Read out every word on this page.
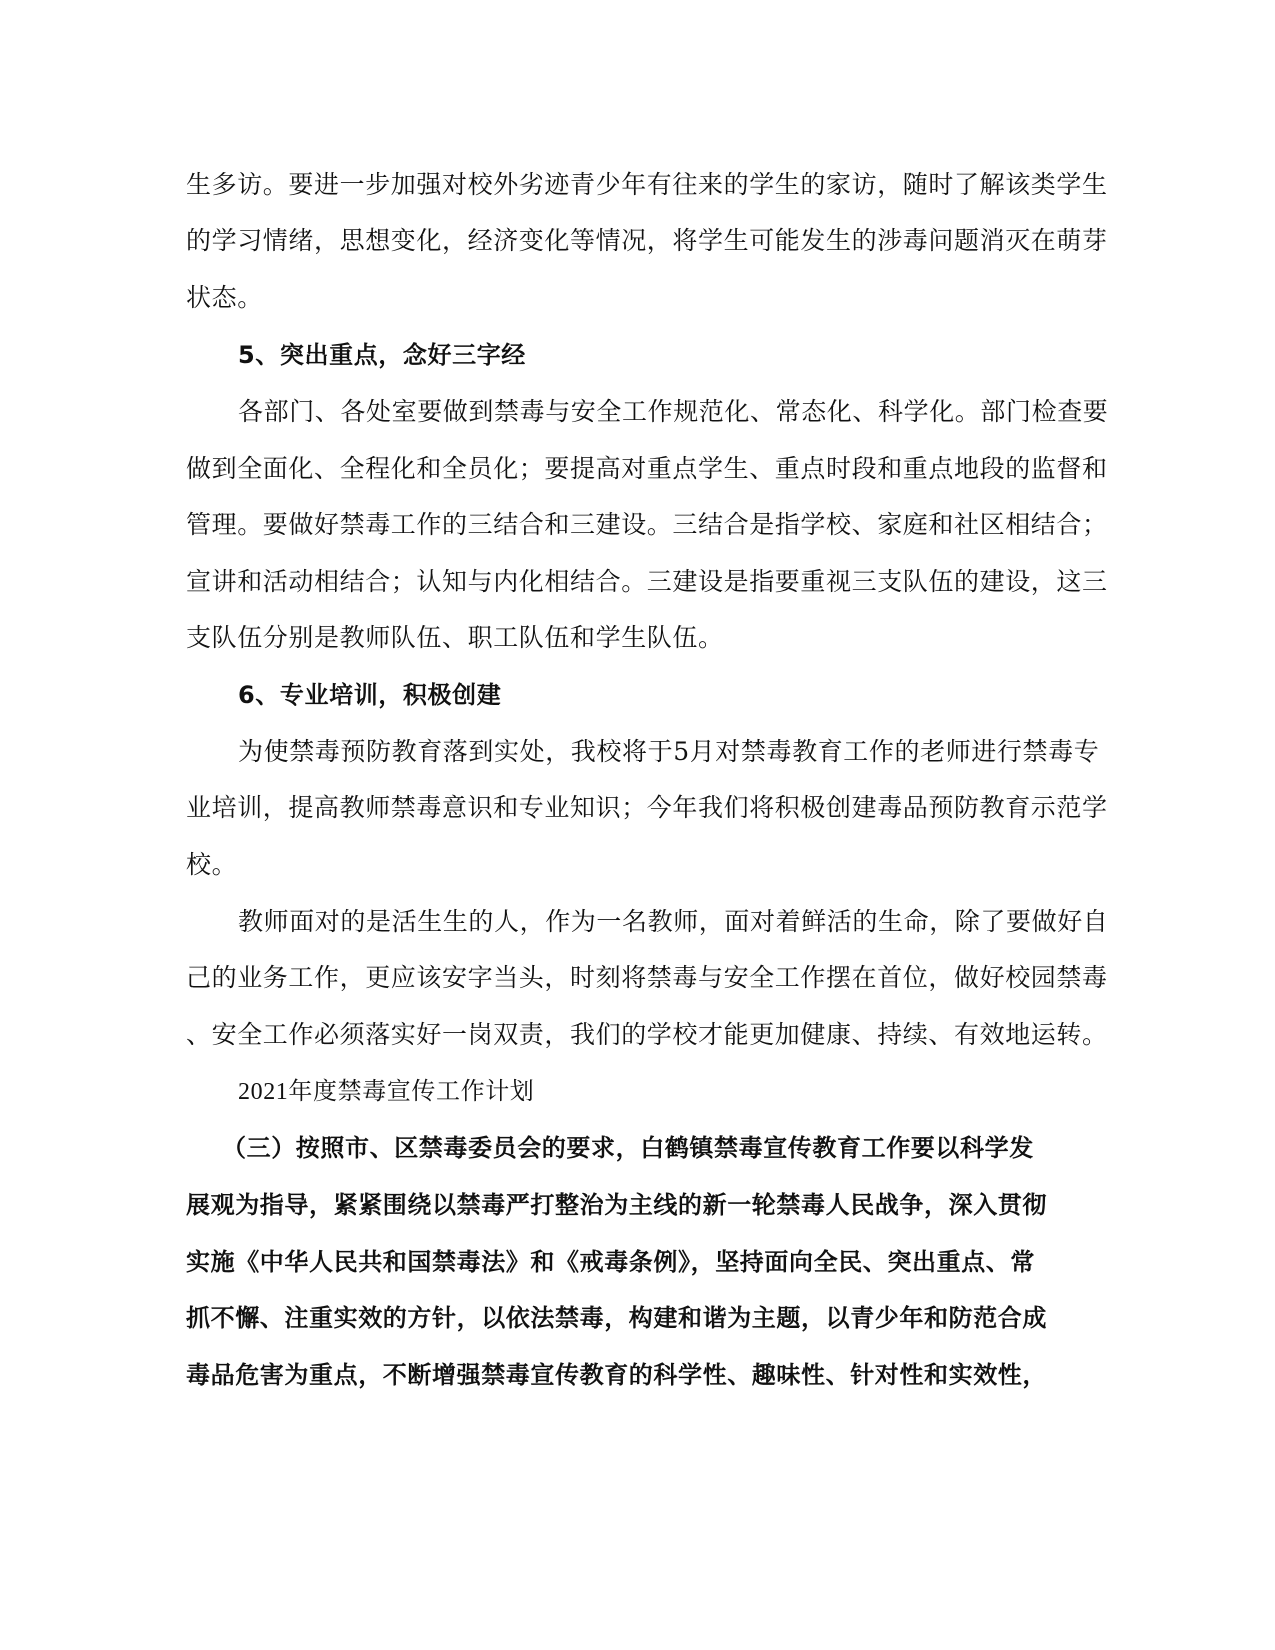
生多访。要进一步加强对校外劣迹青少年有往来的学生的家访，随时了解该类学生
的学习情绪，思想变化，经济变化等情况，将学生可能发生的涉毒问题消灭在萌芽
状态。
5、突出重点，念好三字经
各部门、各处室要做到禁毒与安全工作规范化、常态化、科学化。部门检查要
做到全面化、全程化和全员化；要提高对重点学生、重点时段和重点地段的监督和
管理。要做好禁毒工作的三结合和三建设。三结合是指学校、家庭和社区相结合；
宣讲和活动相结合；认知与内化相结合。三建设是指要重视三支队伍的建设，这三
支队伍分别是教师队伍、职工队伍和学生队伍。
6、专业培训，积极创建
为使禁毒预防教育落到实处，我校将于5月对禁毒教育工作的老师进行禁毒专
业培训，提高教师禁毒意识和专业知识；今年我们将积极创建毒品预防教育示范学
校。
教师面对的是活生生的人，作为一名教师，面对着鲜活的生命，除了要做好自
己的业务工作，更应该安字当头，时刻将禁毒与安全工作摆在首位，做好校园禁毒
、安全工作必须落实好一岗双责，我们的学校才能更加健康、持续、有效地运转。
2021年度禁毒宣传工作计划
（三）按照市、区禁毒委员会的要求，白鹤镇禁毒宣传教育工作要以科学发
展观为指导，紧紧围绕以禁毒严打整治为主线的新一轮禁毒人民战争，深入贯彻
实施《中华人民共和国禁毒法》和《戒毒条例》，坚持面向全民、突出重点、常
抓不懈、注重实效的方针，以依法禁毒，构建和谐为主题，以青少年和防范合成
毒品危害为重点，不断增强禁毒宣传教育的科学性、趣味性、针对性和实效性，
